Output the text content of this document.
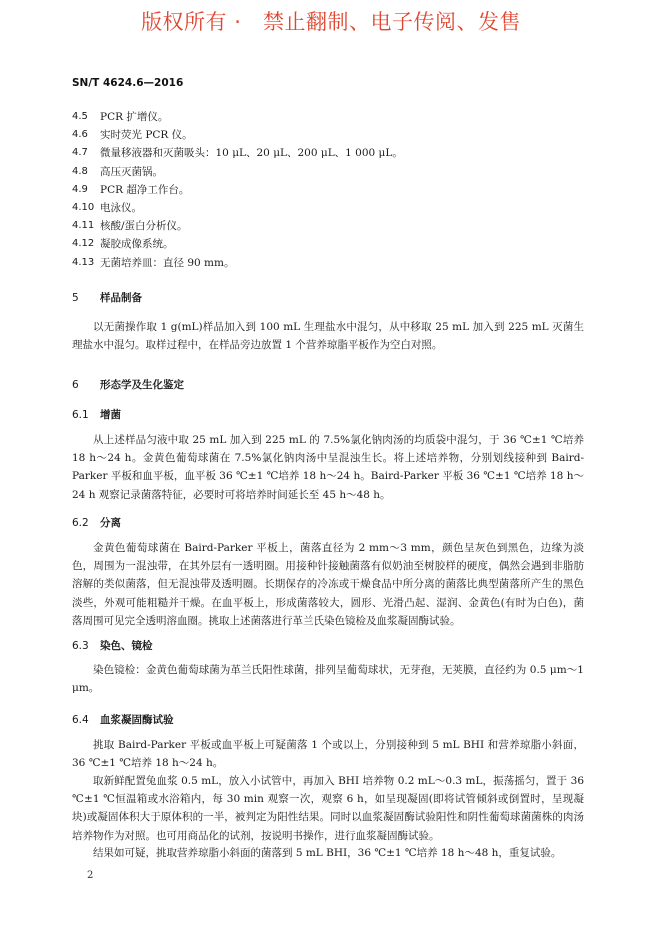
版权所有 ·   禁止翻制、电子传阅、发售
SN/T 4624.6—2016
4.5	PCR 扩增仪。
4.6	实时荧光 PCR 仪。
4.7	微量移液器和灭菌吸头：10 μL、20 μL、200 μL、1 000 μL。
4.8	高压灭菌锅。
4.9	PCR 超净工作台。
4.10 电泳仪。
4.11 核酸/蛋白分析仪。
4.12 凝胶成像系统。
4.13 无菌培养皿：直径 90 mm。
5 样品制备
以无菌操作取 1 g(mL)样品加入到 100 mL 生理盐水中混匀，从中移取 25 mL 加入到 225 mL 灭菌生理盐水中混匀。取样过程中，在样品旁边放置 1 个营养琼脂平板作为空白对照。
6 形态学及生化鉴定
6.1 增菌
从上述样品匀液中取 25 mL 加入到 225 mL 的 7.5%氯化钠肉汤的均质袋中混匀，于 36 ℃±1 ℃培养 18 h～24 h。金黄色葡萄球菌在 7.5%氯化钠肉汤中呈混浊生长。将上述培养物，分别划线接种到 Baird-Parker 平板和血平板，血平板 36 ℃±1 ℃培养 18 h～24 h。Baird-Parker 平板 36 ℃±1 ℃培养 18 h～24 h 观察记录菌落特征，必要时可将培养时间延长至 45 h～48 h。
6.2 分离
金黄色葡萄球菌在 Baird-Parker 平板上，菌落直径为 2 mm～3 mm，颜色呈灰色到黑色，边缘为淡色，周围为一混浊带，在其外层有一透明圈。用接种针接触菌落有似奶油至树胶样的硬度，偶然会遇到非脂肪溶解的类似菌落，但无混浊带及透明圈。长期保存的冷冻或干燥食品中所分离的菌落比典型菌落所产生的黑色淡些，外观可能粗糙并干燥。在血平板上，形成菌落较大，圆形、光滑凸起、湿润、金黄色(有时为白色)，菌落周围可见完全透明溶血圈。挑取上述菌落进行革兰氏染色镜检及血浆凝固酶试验。
6.3 染色、镜检
染色镜检：金黄色葡萄球菌为革兰氏阳性球菌，排列呈葡萄球状，无芽孢，无荚膜，直径约为 0.5 μm～1 μm。
6.4 血浆凝固酶试验
挑取 Baird-Parker 平板或血平板上可疑菌落 1 个或以上，分别接种到 5 mL BHI 和营养琼脂小斜面，36 ℃±1 ℃培养 18 h～24 h。
取新鲜配置兔血浆 0.5 mL，放入小试管中，再加入 BHI 培养物 0.2 mL～0.3 mL，振荡摇匀，置于 36 ℃±1 ℃恒温箱或水浴箱内，每 30 min 观察一次，观察 6 h，如呈现凝固(即将试管倾斜或倒置时，呈现凝块)或凝固体积大于原体积的一半，被判定为阳性结果。同时以血浆凝固酶试验阳性和阴性葡萄球菌菌株的肉汤培养物作为对照。也可用商品化的试剂，按说明书操作，进行血浆凝固酶试验。
结果如可疑，挑取营养琼脂小斜面的菌落到 5 mL BHI，36 ℃±1 ℃培养 18 h～48 h，重复试验。
2
